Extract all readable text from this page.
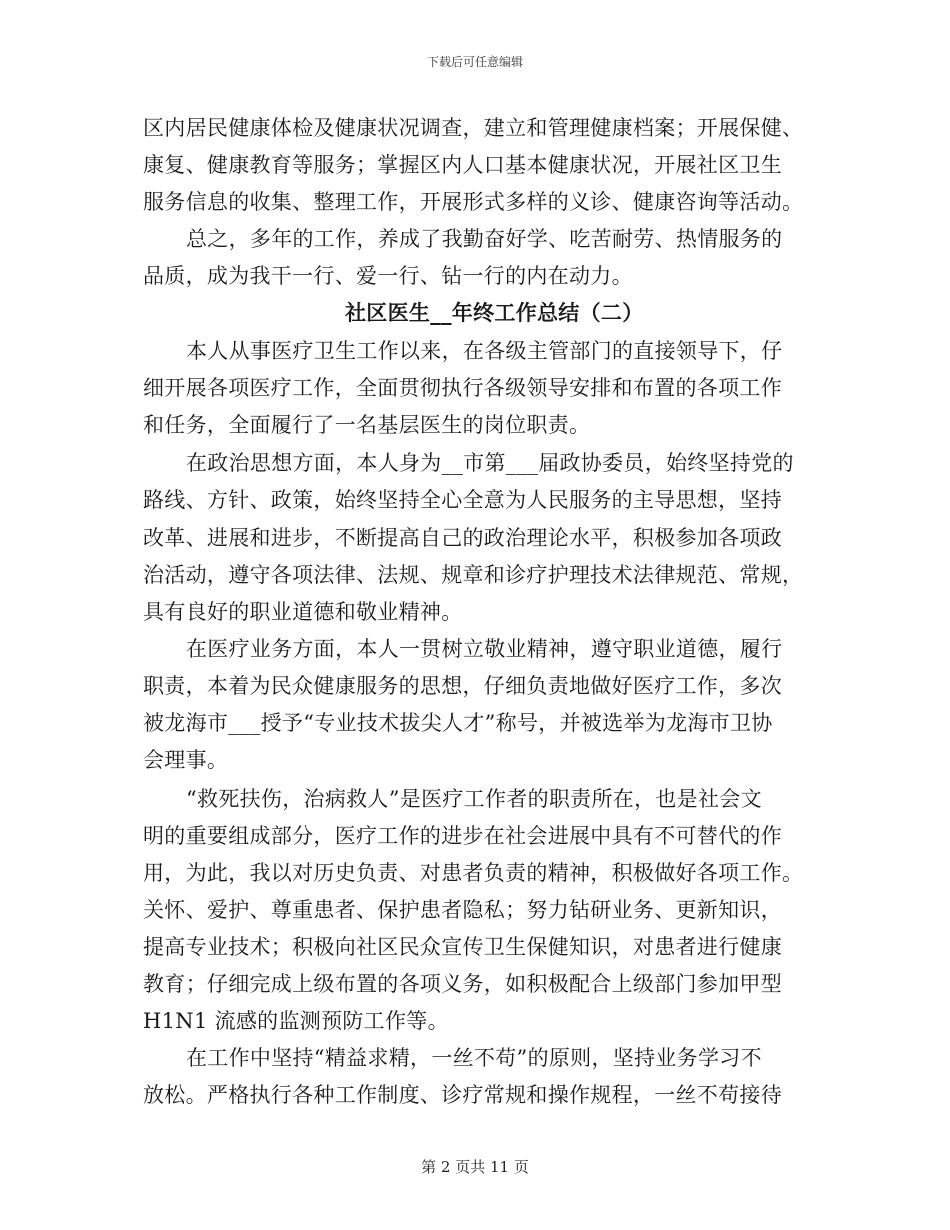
下载后可任意编辑
区内居民健康体检及健康状况调查，建立和管理健康档案；开展保健、
康复、健康教育等服务；掌握区内人口基本健康状况，开展社区卫生
服务信息的收集、整理工作，开展形式多样的义诊、健康咨询等活动。
总之，多年的工作，养成了我勤奋好学、吃苦耐劳、热情服务的
品质，成为我干一行、爱一行、钻一行的内在动力。
社区医生__年终工作总结（二）
本人从事医疗卫生工作以来，在各级主管部门的直接领导下，仔
细开展各项医疗工作，全面贯彻执行各级领导安排和布置的各项工作
和任务，全面履行了一名基层医生的岗位职责。
在政治思想方面，本人身为__市第___届政协委员，始终坚持党的
路线、方针、政策，始终坚持全心全意为人民服务的主导思想，坚持
改革、进展和进步，不断提高自己的政治理论水平，积极参加各项政
治活动，遵守各项法律、法规、规章和诊疗护理技术法律规范、常规，
具有良好的职业道德和敬业精神。
在医疗业务方面，本人一贯树立敬业精神，遵守职业道德，履行
职责，本着为民众健康服务的思想，仔细负责地做好医疗工作，多次
被龙海市___授予“专业技术拔尖人才”称号，并被选举为龙海市卫协
会理事。
“救死扶伤，治病救人”是医疗工作者的职责所在，也是社会文
明的重要组成部分，医疗工作的进步在社会进展中具有不可替代的作
用，为此，我以对历史负责、对患者负责的精神，积极做好各项工作。
关怀、爱护、尊重患者、保护患者隐私；努力钻研业务、更新知识，
提高专业技术；积极向社区民众宣传卫生保健知识，对患者进行健康
教育；仔细完成上级布置的各项义务，如积极配合上级部门参加甲型
H1N1 流感的监测预防工作等。
在工作中坚持“精益求精，一丝不苟”的原则，坚持业务学习不
放松。严格执行各种工作制度、诊疗常规和操作规程，一丝不苟接待
第 2 页共 11 页
